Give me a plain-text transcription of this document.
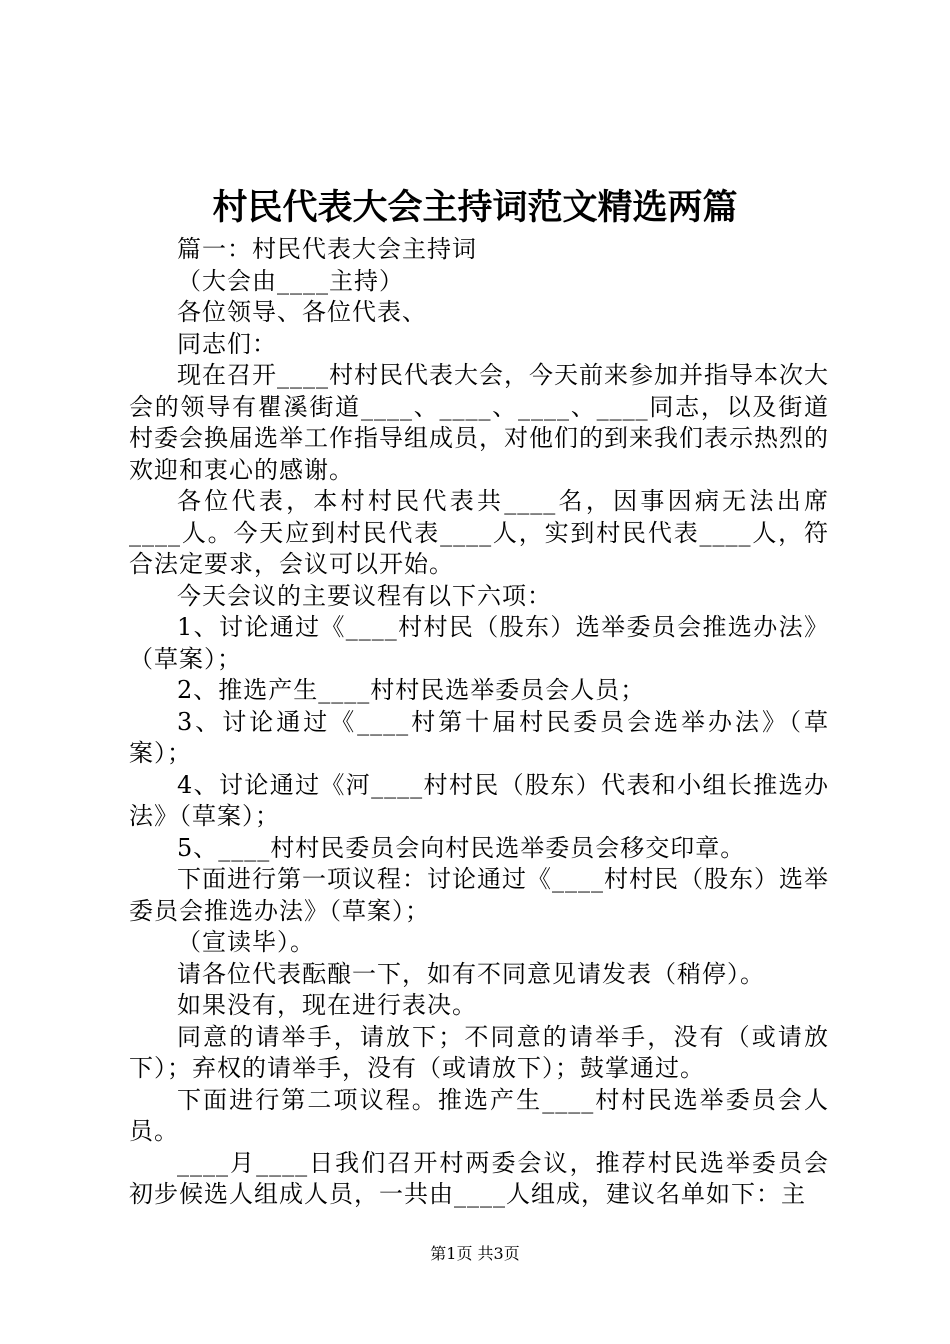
村民代表大会主持词范文精选两篇

篇一：村民代表大会主持词

（大会由____主持）

各位领导、各位代表、

同志们：

现在召开____村村民代表大会，今天前来参加并指导本次大会的领导有瞿溪街道____、____、____、____同志，以及街道村委会换届选举工作指导组成员，对他们的到来我们表示热烈的欢迎和衷心的感谢。

各位代表，本村村民代表共____名，因事因病无法出席____人。今天应到村民代表____人，实到村民代表____人，符合法定要求，会议可以开始。

今天会议的主要议程有以下六项：

1、讨论通过《____村村民（股东）选举委员会推选办法》（草案）；

2、推选产生____村村民选举委员会人员；

3、讨论通过《____村第十届村民委员会选举办法》（草案）；

4、讨论通过《河____村村民（股东）代表和小组长推选办法》（草案）；

5、____村村民委员会向村民选举委员会移交印章。

下面进行第一项议程：讨论通过《____村村民（股东）选举委员会推选办法》（草案）；

（宣读毕）。

请各位代表酝酿一下，如有不同意见请发表（稍停）。

如果没有，现在进行表决。

同意的请举手，请放下；不同意的请举手，没有（或请放下）；弃权的请举手，没有（或请放下）；鼓掌通过。

下面进行第二项议程。推选产生____村村民选举委员会人员。

____月____日我们召开村两委会议，推荐村民选举委员会初步候选人组成人员，一共由____人组成，建议名单如下：主

第1页 共3页
